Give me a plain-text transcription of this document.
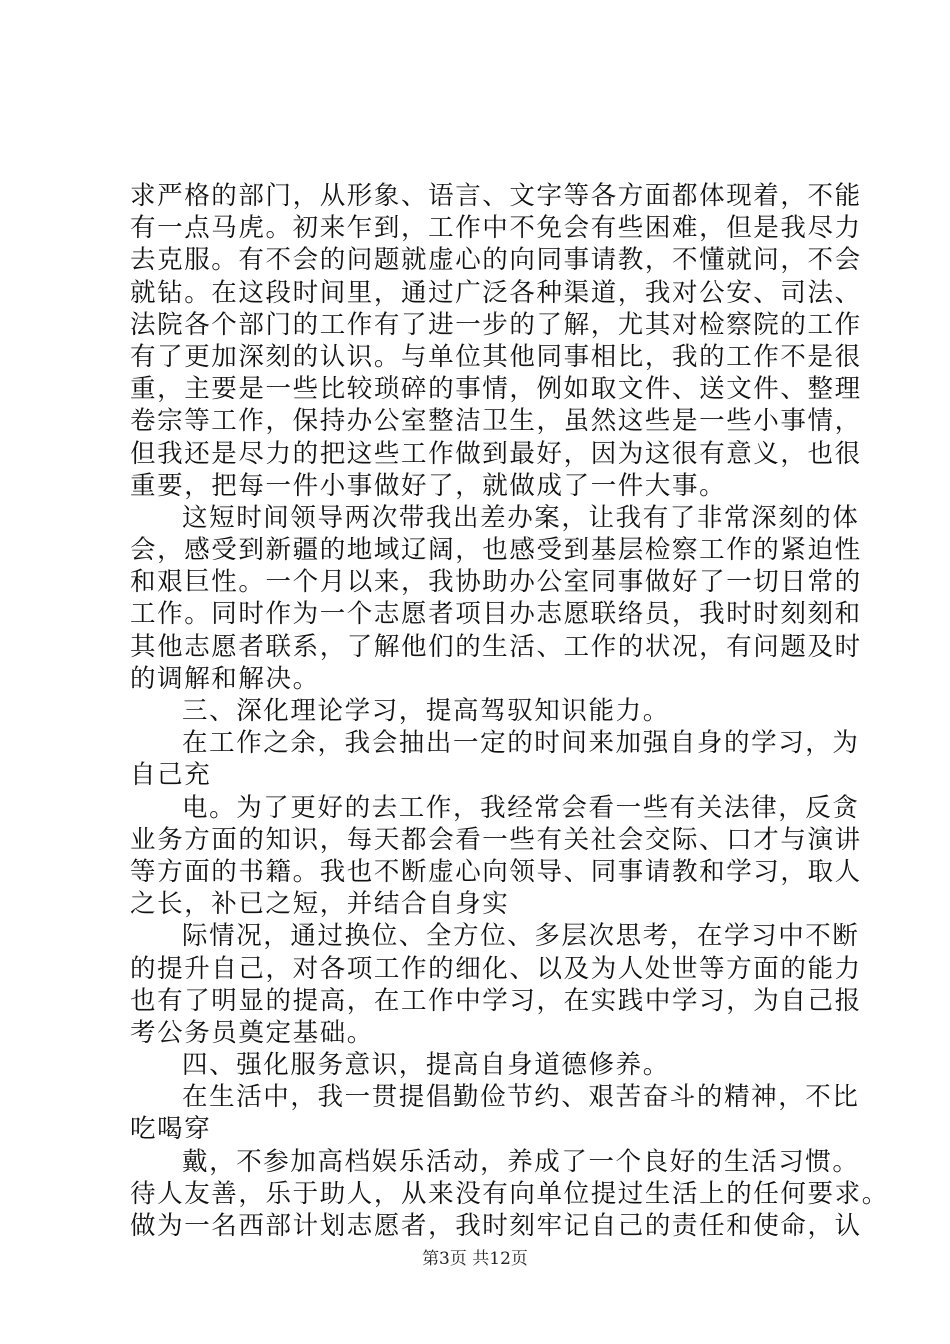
求严格的部门，从形象、语言、文字等各方面都体现着，不能
有一点马虎。初来乍到，工作中不免会有些困难，但是我尽力
去克服。有不会的问题就虚心的向同事请教，不懂就问，不会
就钻。在这段时间里，通过广泛各种渠道，我对公安、司法、
法院各个部门的工作有了进一步的了解，尤其对检察院的工作
有了更加深刻的认识。与单位其他同事相比，我的工作不是很
重，主要是一些比较琐碎的事情，例如取文件、送文件、整理
卷宗等工作，保持办公室整洁卫生，虽然这些是一些小事情，
但我还是尽力的把这些工作做到最好，因为这很有意义，也很
重要，把每一件小事做好了，就做成了一件大事。
这短时间领导两次带我出差办案，让我有了非常深刻的体
会，感受到新疆的地域辽阔，也感受到基层检察工作的紧迫性
和艰巨性。一个月以来，我协助办公室同事做好了一切日常的
工作。同时作为一个志愿者项目办志愿联络员，我时时刻刻和
其他志愿者联系，了解他们的生活、工作的状况，有问题及时
的调解和解决。
三、深化理论学习，提高驾驭知识能力。
在工作之余，我会抽出一定的时间来加强自身的学习，为
自己充
电。为了更好的去工作，我经常会看一些有关法律，反贪
业务方面的知识，每天都会看一些有关社会交际、口才与演讲
等方面的书籍。我也不断虚心向领导、同事请教和学习，取人
之长，补已之短，并结合自身实
际情况，通过换位、全方位、多层次思考，在学习中不断
的提升自己，对各项工作的细化、以及为人处世等方面的能力
也有了明显的提高，在工作中学习，在实践中学习，为自己报
考公务员奠定基础。
四、强化服务意识，提高自身道德修养。
在生活中，我一贯提倡勤俭节约、艰苦奋斗的精神，不比
吃喝穿
戴，不参加高档娱乐活动，养成了一个良好的生活习惯。
待人友善，乐于助人，从来没有向单位提过生活上的任何要求。
做为一名西部计划志愿者，我时刻牢记自己的责任和使命，认
第3页 共12页
